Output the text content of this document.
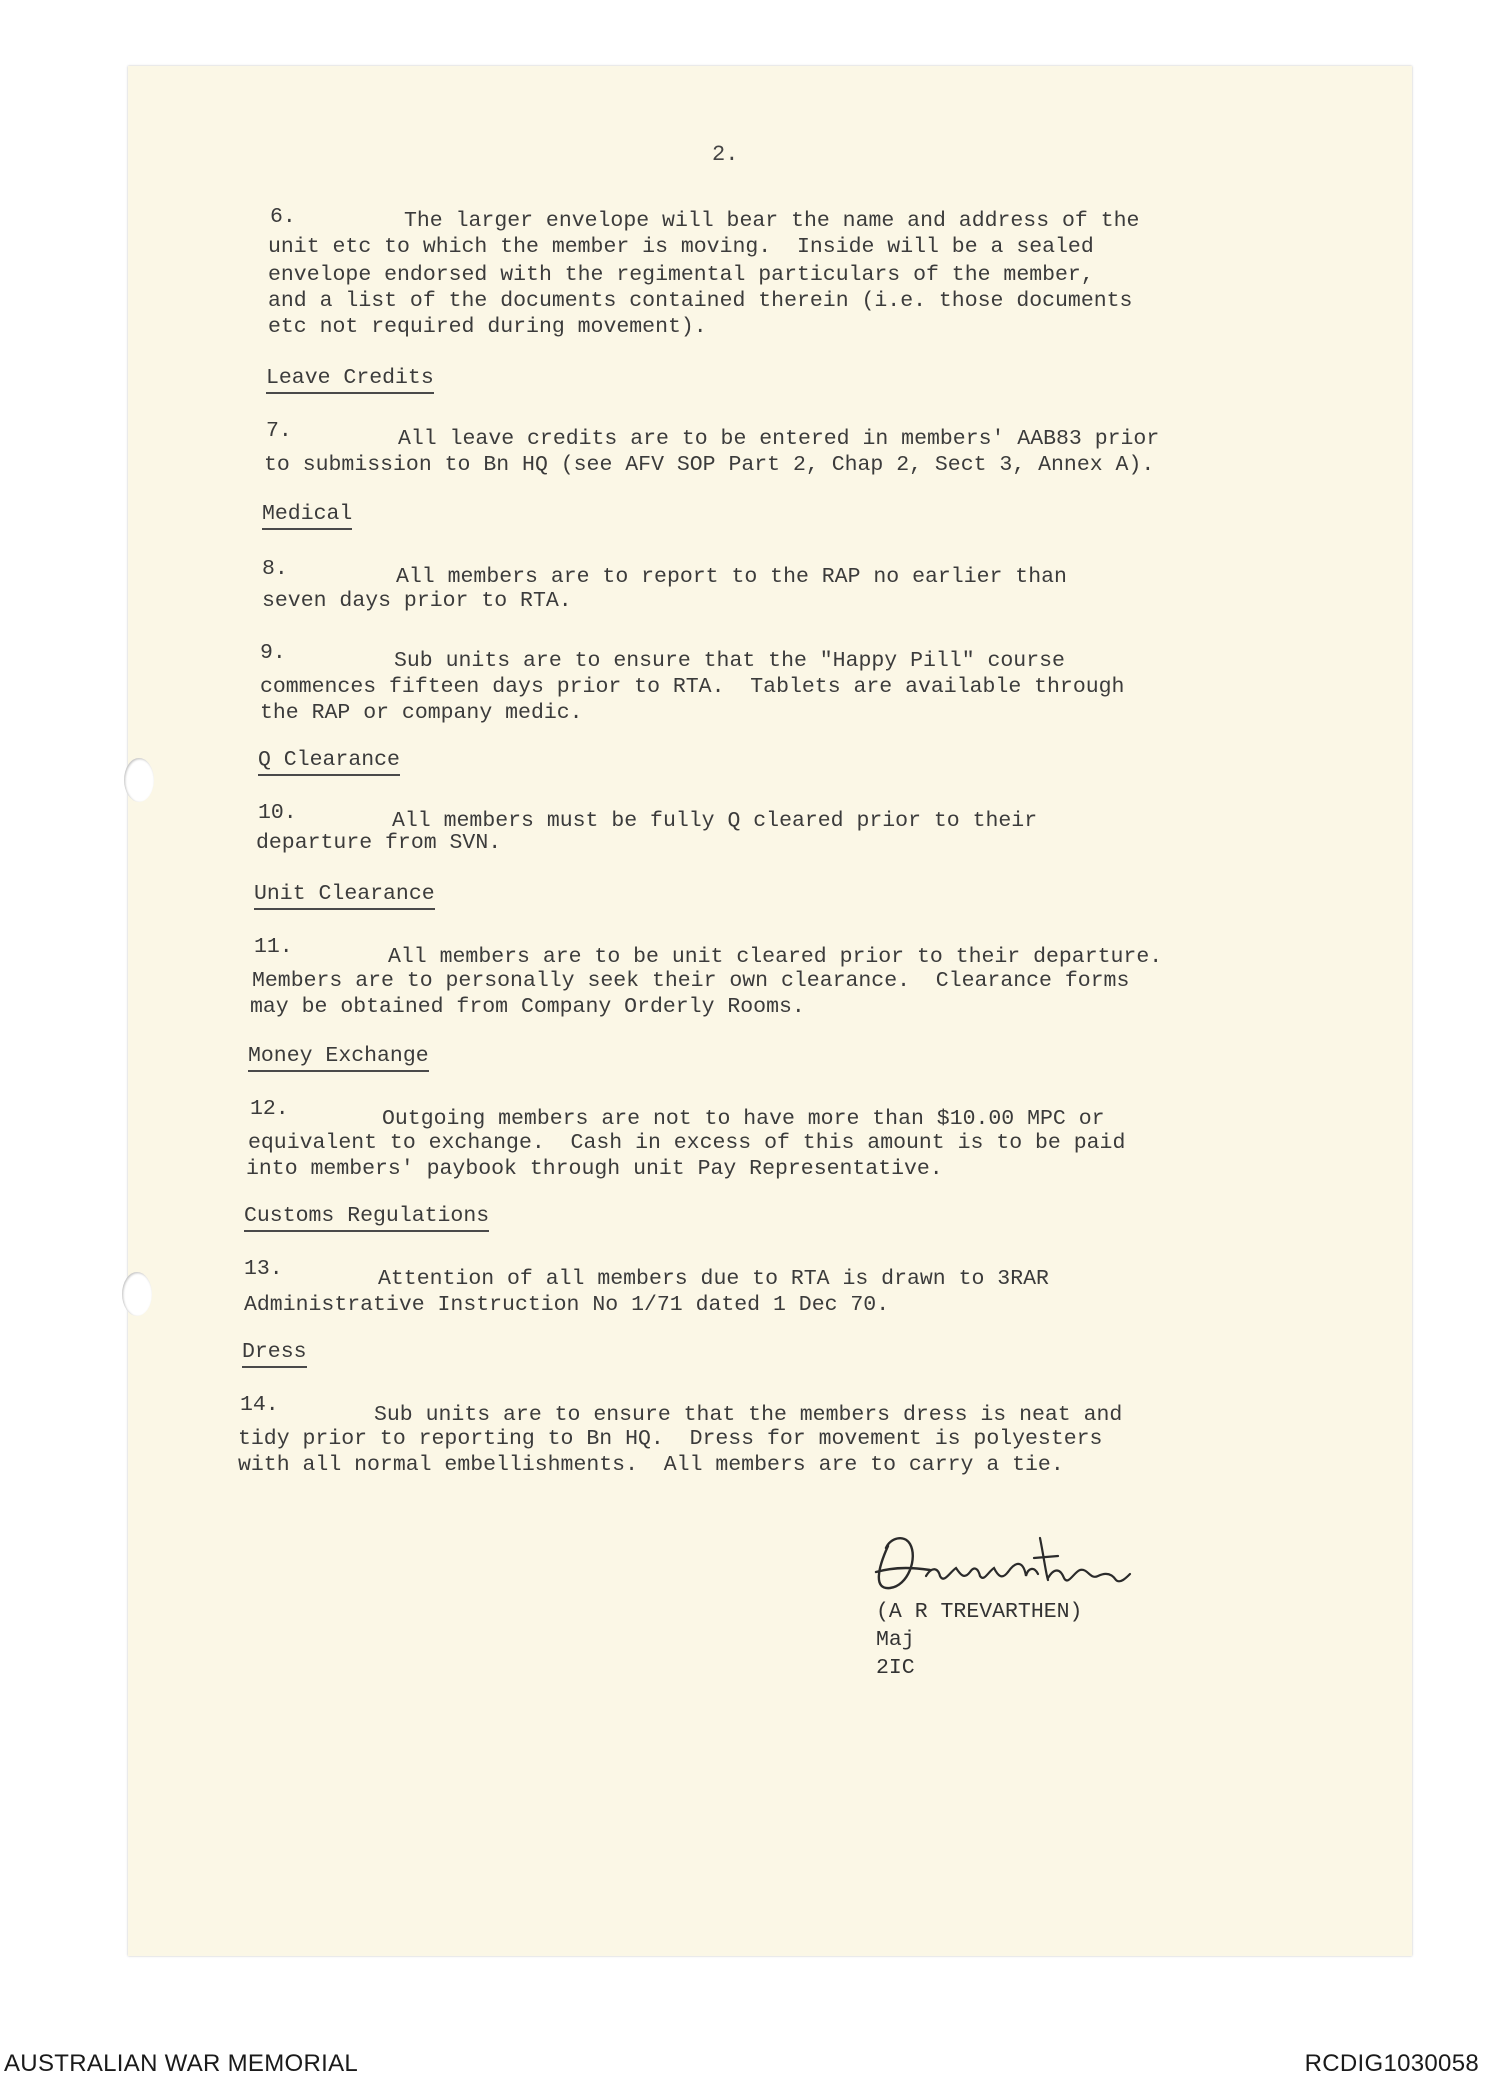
2.
6.	The larger envelope will bear the name and address of the
unit etc to which the member is moving.  Inside will be a sealed
envelope endorsed with the regimental particulars of the member,
and a list of the documents contained therein (i.e. those documents
etc not required during movement).
Leave Credits
7.	All leave credits are to be entered in members' AAB83 prior
to submission to Bn HQ (see AFV SOP Part 2, Chap 2, Sect 3, Annex A).
Medical
8.	All members are to report to the RAP no earlier than
seven days prior to RTA.
9.	Sub units are to ensure that the "Happy Pill" course
commences fifteen days prior to RTA.  Tablets are available through
the RAP or company medic.
Q Clearance
10.	All members must be fully Q cleared prior to their
departure from SVN.
Unit Clearance
11.	All members are to be unit cleared prior to their departure.
Members are to personally seek their own clearance.  Clearance forms
may be obtained from Company Orderly Rooms.
Money Exchange
12.	Outgoing members are not to have more than $10.00 MPC or
equivalent to exchange.  Cash in excess of this amount is to be paid
into members' paybook through unit Pay Representative.
Customs Regulations
13.	Attention of all members due to RTA is drawn to 3RAR
Administrative Instruction No 1/71 dated 1 Dec 70.
Dress
14.	Sub units are to ensure that the members dress is neat and
tidy prior to reporting to Bn HQ.  Dress for movement is polyesters
with all normal embellishments.  All members are to carry a tie.
(A R TREVARTHEN)
Maj
2IC
AUSTRALIAN WAR MEMORIAL	RCDIG1030058
